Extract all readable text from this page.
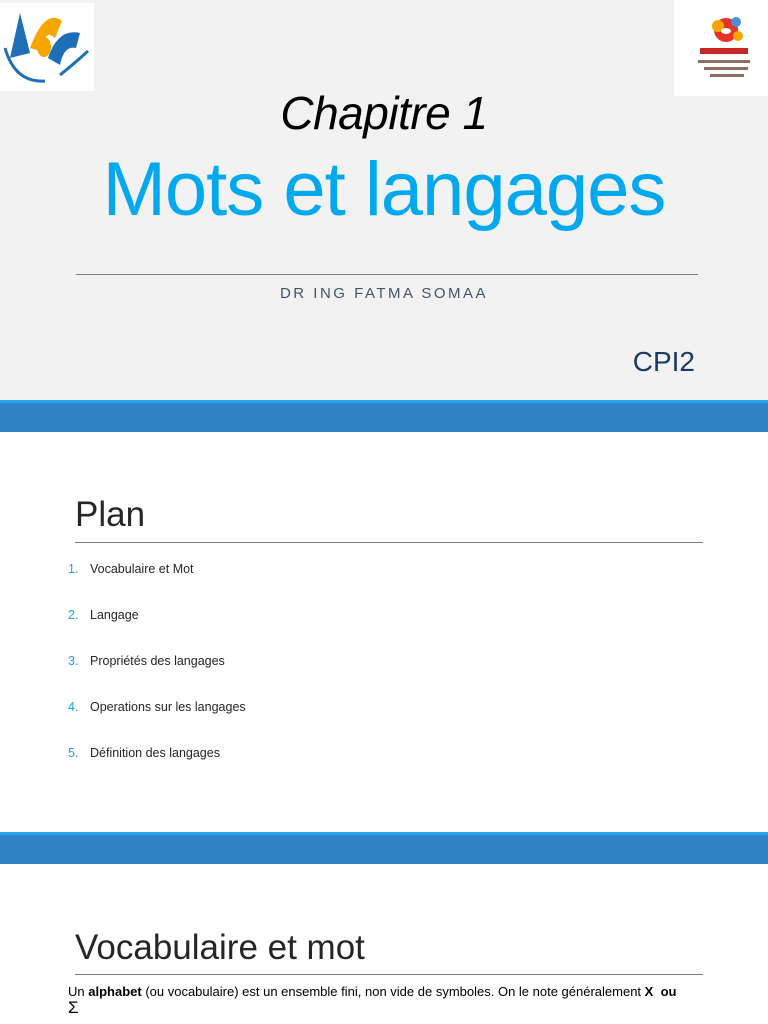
Chapitre 1
Mots et langages
DR ING FATMA SOMAA
CPI2
Plan
1. Vocabulaire et Mot
2. Langage
3. Propriétés des langages
4. Operations sur les langages
5. Définition des langages
Vocabulaire et mot
Un alphabet (ou vocabulaire) est un ensemble fini, non vide de symboles. On le note généralement X ou
Σ
